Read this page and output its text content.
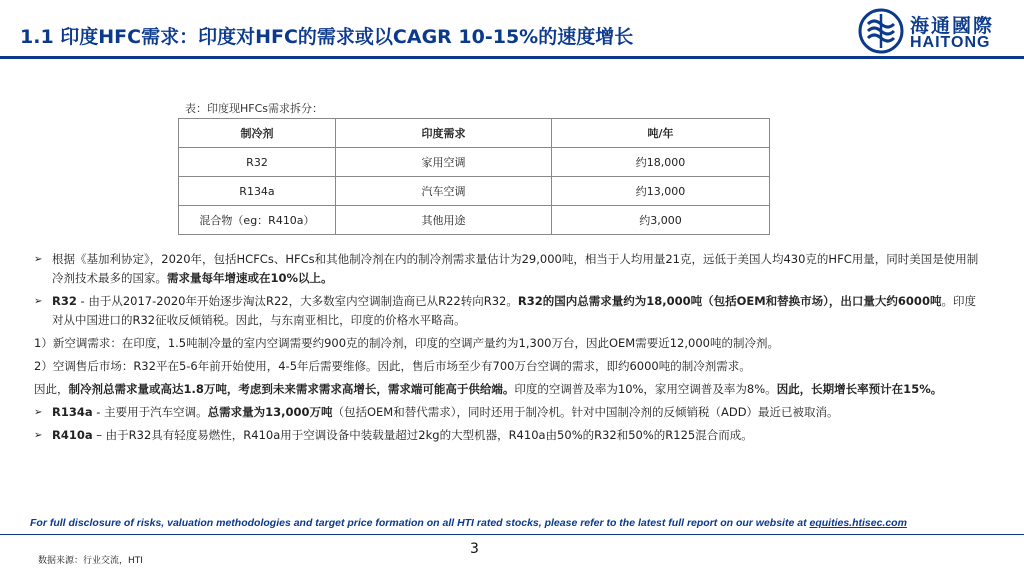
1.1 印度HFC需求：印度对HFC的需求或以CAGR 10-15%的速度增长	海通國際
HAITONG
表：印度现HFCs需求拆分：
制冷剂	印度需求	吨/年
R32	家用空调	约18,000
R134a	汽车空调	约13,000
混合物（eg：R410a）	其他用途	约3,000

➢ 根据《基加利协定》，2020年，包括HCFCs、HFCs和其他制冷剂在内的制冷剂需求量估计为29,000吨，相当于人均用量21克，远低于美国人均430克的HFC用量，同时美国是使用制冷剂技术最多的国家。需求量每年增速或在10%以上。

➢ R32 - 由于从2017-2020年开始逐步淘汰R22，大多数室内空调制造商已从R22转向R32。R32的国内总需求量约为18,000吨（包括OEM和替换市场），出口量大约6000吨。印度对从中国进口的R32征收反倾销税。因此，与东南亚相比，印度的价格水平略高。

1）新空调需求：在印度，1.5吨制冷量的室内空调需要约900克的制冷剂，印度的空调产量约为1,300万台，因此OEM需要近12,000吨的制冷剂。

2）空调售后市场：R32平在5-6年前开始使用，4-5年后需要维修。因此，售后市场至少有700万台空调的需求，即约6000吨的制冷剂需求。

因此，制冷剂总需求量或高达1.8万吨，考虑到未来需求需求高增长，需求端可能高于供给端。印度的空调普及率为10%，家用空调普及率为8%。因此，长期增长率预计在15%。

➢ R134a - 主要用于汽车空调。总需求量为13,000万吨（包括OEM和替代需求），同时还用于制冷机。针对中国制冷剂的反倾销税（ADD）最近已被取消。

➢ R410a – 由于R32具有轻度易燃性，R410a用于空调设备中装载量超过2kg的大型机器，R410a由50%的R32和50%的R125混合而成。

For full disclosure of risks, valuation methodologies and target price formation on all HTI rated stocks, please refer to the latest full report on our website at equities.htisec.com
3
数据来源：行业交流，HTI
